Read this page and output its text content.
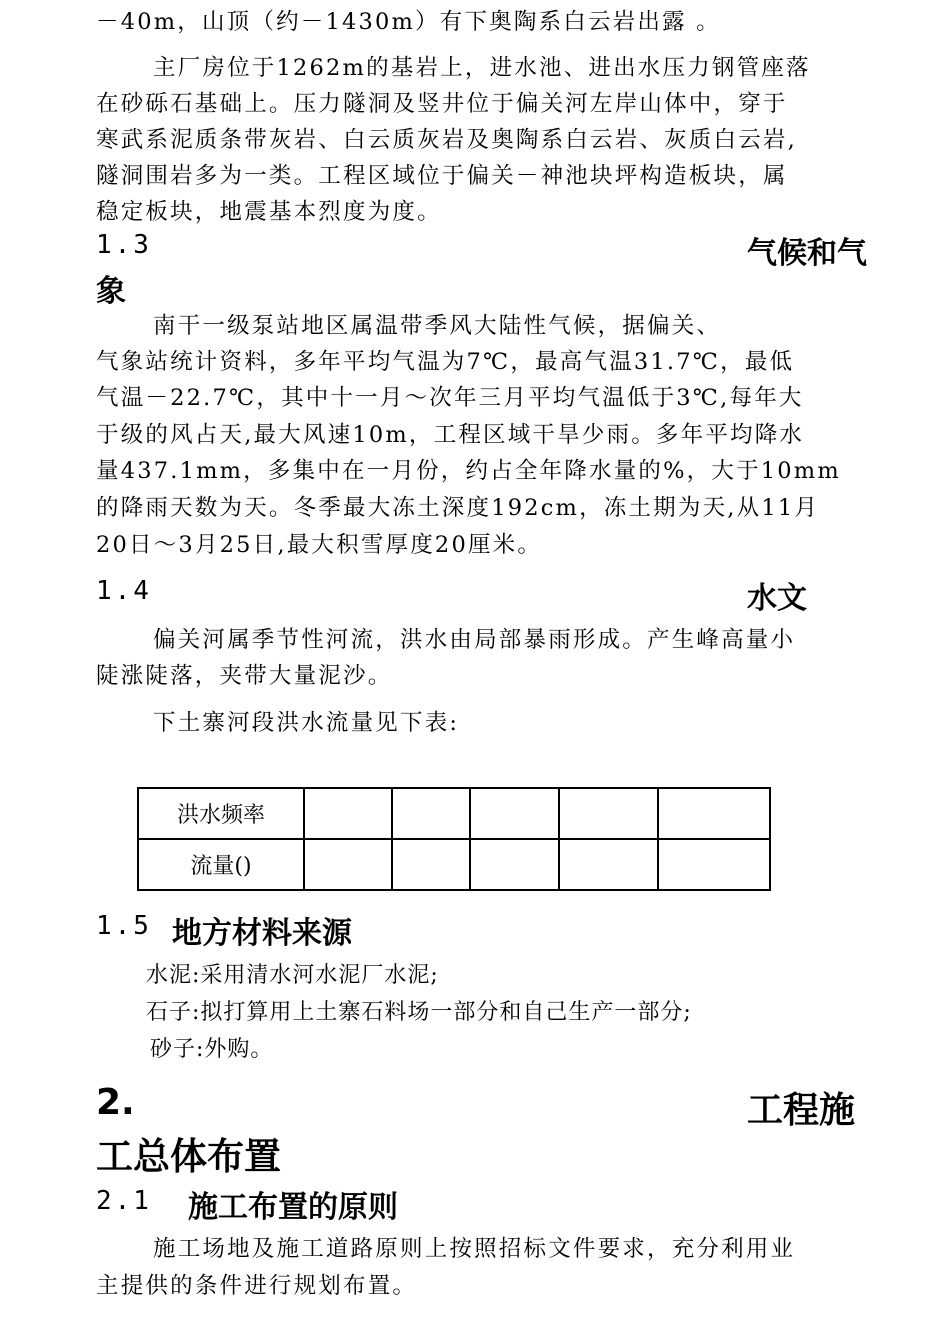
－40m，山顶（约－1430m）有下奥陶系白云岩出露 。
主厂房位于1262m的基岩上，进水池、进出水压力钢管座落
在砂砾石基础上。压力隧洞及竖井位于偏关河左岸山体中，穿于
寒武系泥质条带灰岩、白云质灰岩及奥陶系白云岩、灰质白云岩,
隧洞围岩多为一类。工程区域位于偏关－神池块坪构造板块，属
稳定板块，地震基本烈度为度。
1.3	气候和气
象
南干一级泵站地区属温带季风大陆性气候，据偏关、
气象站统计资料，多年平均气温为7℃，最高气温31.7℃，最低
气温－22.7℃，其中十一月～次年三月平均气温低于3℃,每年大
于级的风占天,最大风速10m，工程区域干旱少雨。多年平均降水
量437.1mm，多集中在一月份，约占全年降水量的%，大于10mm
的降雨天数为天。冬季最大冻土深度192cm，冻土期为天,从11月
20日～3月25日,最大积雪厚度20厘米。
1.4	水文
偏关河属季节性河流，洪水由局部暴雨形成。产生峰高量小
陡涨陡落，夹带大量泥沙。
下土寨河段洪水流量见下表:
洪水频率					
流量()					
1.5 地方材料来源
水泥:采用清水河水泥厂水泥;
石子:拟打算用上土寨石料场一部分和自己生产一部分;
砂子:外购。
2.	工程施
工总体布置
2.1 施工布置的原则
施工场地及施工道路原则上按照招标文件要求，充分利用业
主提供的条件进行规划布置。
